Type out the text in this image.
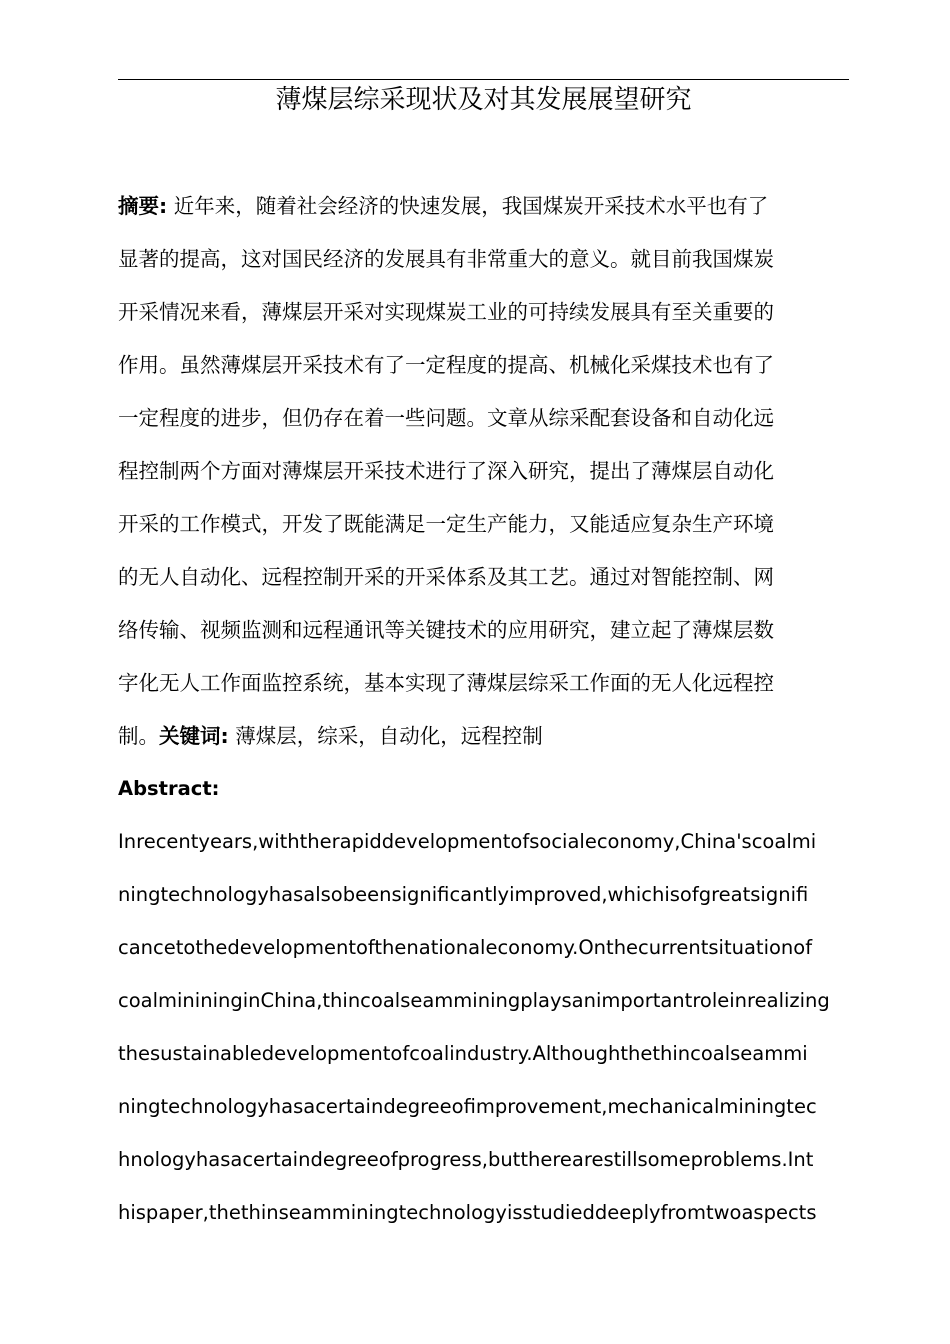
薄煤层综采现状及对其发展展望研究
摘要: 近年来，随着社会经济的快速发展，我国煤炭开采技术水平也有了
显著的提高，这对国民经济的发展具有非常重大的意义。就目前我国煤炭
开采情况来看，薄煤层开采对实现煤炭工业的可持续发展具有至关重要的
作用。虽然薄煤层开采技术有了一定程度的提高、机械化采煤技术也有了
一定程度的进步，但仍存在着一些问题。文章从综采配套设备和自动化远
程控制两个方面对薄煤层开采技术进行了深入研究，提出了薄煤层自动化
开采的工作模式，开发了既能满足一定生产能力，又能适应复杂生产环境
的无人自动化、远程控制开采的开采体系及其工艺。通过对智能控制、网
络传输、视频监测和远程通讯等关键技术的应用研究，建立起了薄煤层数
字化无人工作面监控系统，基本实现了薄煤层综采工作面的无人化远程控
制。关键词: 薄煤层，综采，自动化，远程控制
Abstract:
Inrecentyears,withtherapiddevelopmentofsocialeconomy,China'scoalmi
ningtechnologyhasalsobeensignificantlyimproved,whichisofgreatsignifi
cancetothedevelopmentofthenationaleconomy.Onthecurrentsituationof
coalminininginChina,thincoalseamminingplaysanimportantroleinrealizing
thesustainabledevelopmentofcoalindustry.Althoughthethincoalseammi
ningtechnologyhasacertaindegreeofimprovement,mechanicalminingtec
hnologyhasacertaindegreeofprogress,buttherearestillsomeproblems.Int
hispaper,thethinseamminingtechnologyisstudieddeeplyfromtwoaspects
